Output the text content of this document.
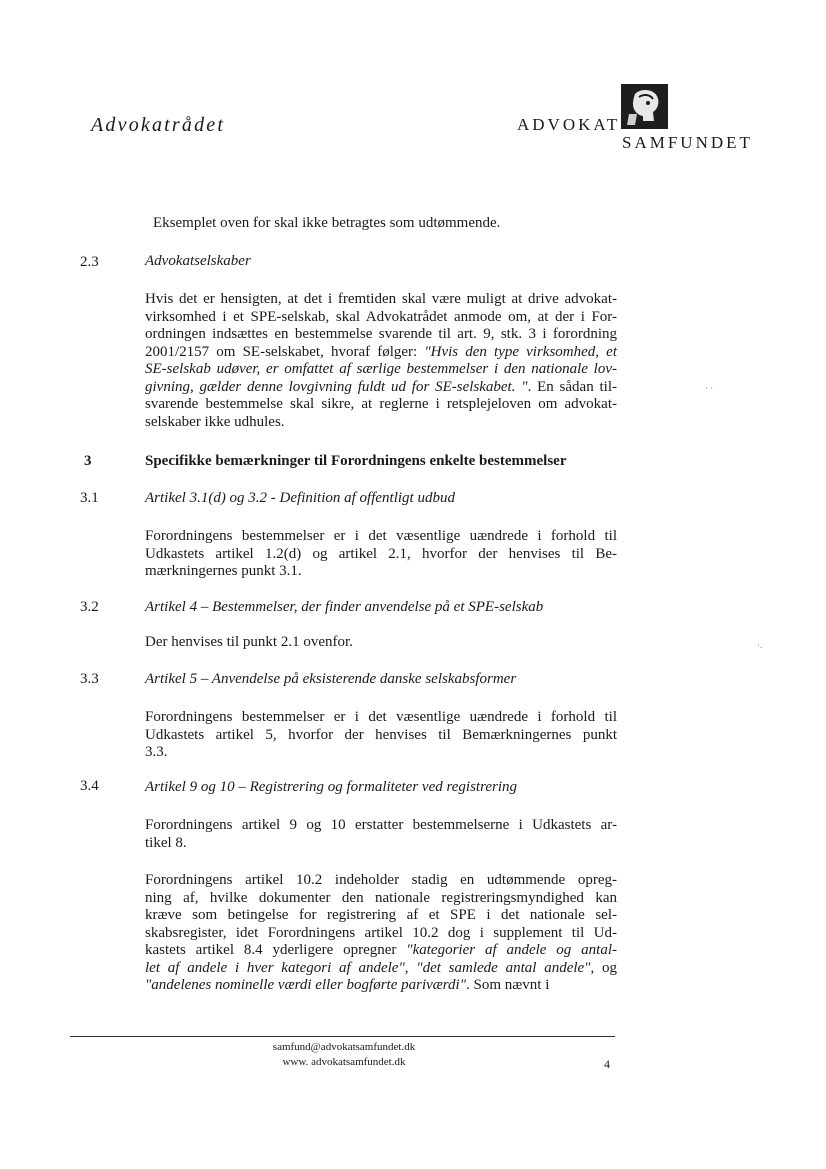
Advokatrådet	ADVOKAT
SAMFUNDET
Eksemplet oven for skal ikke betragtes som udtømmende.
2.3	Advokatselskaber
Hvis det er hensigten, at det i fremtiden skal være muligt at drive advokat-
virksomhed i et SPE-selskab, skal Advokatrådet anmode om, at der i For-
ordningen indsættes en bestemmelse svarende til art. 9, stk. 3 i forordning
2001/2157 om SE-selskabet, hvoraf følger: "Hvis den type virksomhed, et
SE-selskab udøver, er omfattet af særlige bestemmelser i den nationale lov-
givning, gælder denne lovgivning fuldt ud for SE-selskabet. ". En sådan til-
svarende bestemmelse skal sikre, at reglerne i retsplejeloven om advokat-
selskaber ikke udhules.
3	Specifikke bemærkninger til Forordningens enkelte bestemmelser
3.1	Artikel 3.1(d) og 3.2 - Definition af offentligt udbud
Forordningens bestemmelser er i det væsentlige uændrede i forhold til
Udkastets artikel 1.2(d) og artikel 2.1, hvorfor der henvises til Be-
mærkningernes punkt 3.1.
3.2	Artikel 4 – Bestemmelser, der finder anvendelse på et SPE-selskab
Der henvises til punkt 2.1 ovenfor.
3.3	Artikel 5 – Anvendelse på eksisterende danske selskabsformer
Forordningens bestemmelser er i det væsentlige uændrede i forhold til
Udkastets artikel 5, hvorfor der henvises til Bemærkningernes punkt
3.3.
3.4	Artikel 9 og 10 – Registrering og formaliteter ved registrering
Forordningens artikel 9 og 10 erstatter bestemmelserne i Udkastets ar-
tikel 8.
Forordningens artikel 10.2 indeholder stadig en udtømmende opreg-
ning af, hvilke dokumenter den nationale registreringsmyndighed kan
kræve som betingelse for registrering af et SPE i det nationale sel-
skabsregister, idet Forordningens artikel 10.2 dog i supplement til Ud-
kastets artikel 8.4 yderligere opregner "kategorier af andele og antal-
let af andele i hver kategori af andele", "det samlede antal andele", og
"andelenes nominelle værdi eller bogførte pariværdi". Som nævnt i
· ·
·.
samfund@advokatsamfundet.dk
www. advokatsamfundet.dk	4
